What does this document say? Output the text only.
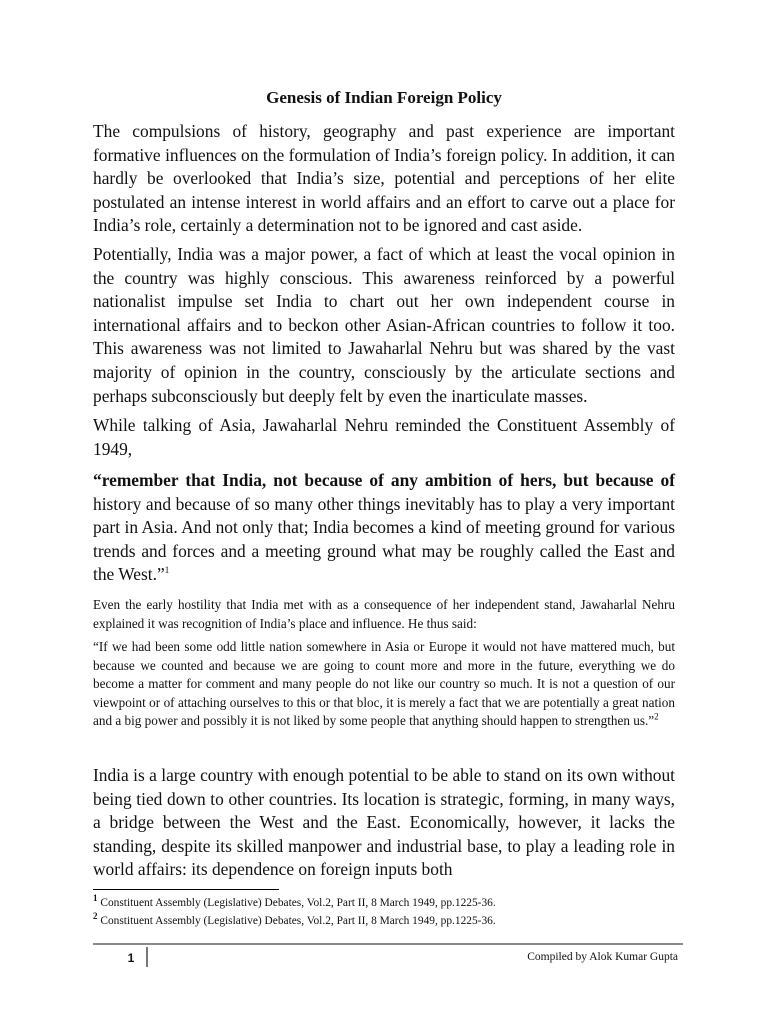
Genesis of Indian Foreign Policy

The compulsions of history, geography and past experience are important formative influences on the formulation of India’s foreign policy. In addition, it can hardly be overlooked that India’s size, potential and perceptions of her elite postulated an intense interest in world affairs and an effort to carve out a place for India’s role, certainly a determination not to be ignored and cast aside.

Potentially, India was a major power, a fact of which at least the vocal opinion in the country was highly conscious. This awareness reinforced by a powerful nationalist impulse set India to chart out her own independent course in international affairs and to beckon other Asian-African countries to follow it too. This awareness was not limited to Jawaharlal Nehru but was shared by the vast majority of opinion in the country, consciously by the articulate sections and perhaps subconsciously but deeply felt by even the inarticulate masses.

While talking of Asia, Jawaharlal Nehru reminded the Constituent Assembly of 1949,

“remember that India, not because of any ambition of hers, but because of history and because of so many other things inevitably has to play a very important part in Asia. And not only that; India becomes a kind of meeting ground for various trends and forces and a meeting ground what may be roughly called the East and the West.”$^1$

Even the early hostility that India met with as a consequence of her independent stand, Jawaharlal Nehru explained it was recognition of India’s place and influence. He thus said:

“If we had been some odd little nation somewhere in Asia or Europe it would not have mattered much, but because we counted and because we are going to count more and more in the future, everything we do become a matter for comment and many people do not like our country so much. It is not a question of our viewpoint or of attaching ourselves to this or that bloc, it is merely a fact that we are potentially a great nation and a big power and possibly it is not liked by some people that anything should happen to strengthen us.”$^2$

India is a large country with enough potential to be able to stand on its own without being tied down to other countries. Its location is strategic, forming, in many ways, a bridge between the West and the East. Economically, however, it lacks the standing, despite its skilled manpower and industrial base, to play a leading role in world affairs: its dependence on foreign inputs both

$^1$ Constituent Assembly (Legislative) Debates, Vol.2, Part II, 8 March 1949, pp.1225-36.
$^2$ Constituent Assembly (Legislative) Debates, Vol.2, Part II, 8 March 1949, pp.1225-36.
1	Compiled by Alok Kumar Gupta
